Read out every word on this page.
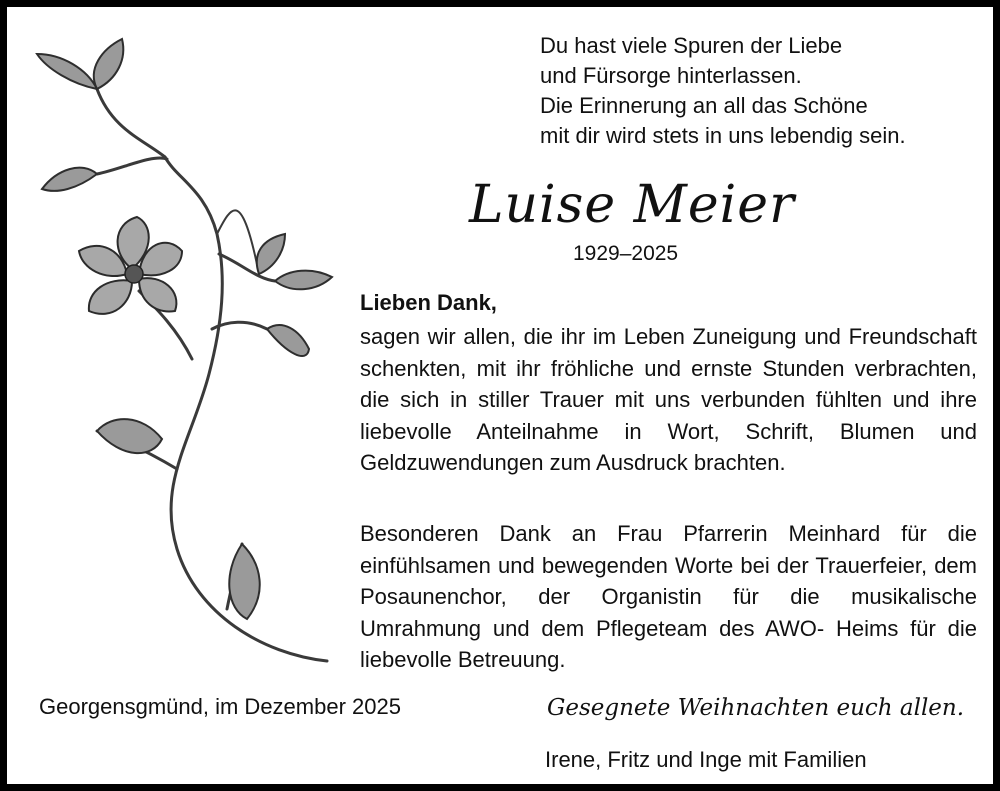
Du hast viele Spuren der Liebe
und Fürsorge hinterlassen.
Die Erinnerung an all das Schöne
mit dir wird stets in uns lebendig sein.
Luise Meier
1929–2025
Lieben Dank,
sagen wir allen, die ihr im Leben Zuneigung und Freundschaft schenkten, mit ihr fröhliche und ernste Stunden verbrachten, die sich in stiller Trauer mit uns verbunden fühlten und ihre liebevolle Anteilnahme in Wort, Schrift, Blumen und Geldzuwendungen zum Ausdruck brachten.
Besonderen Dank an Frau Pfarrerin Meinhard für die einfühlsamen und bewegenden Worte bei der Trauerfeier, dem Posaunenchor, der Organistin für die musikalische Umrahmung und dem Pflegeteam des AWO- Heims für die liebevolle Betreuung.
Georgensgmünd, im Dezember 2025	Gesegnete Weihnachten euch allen.
Irene, Fritz und Inge mit Familien
